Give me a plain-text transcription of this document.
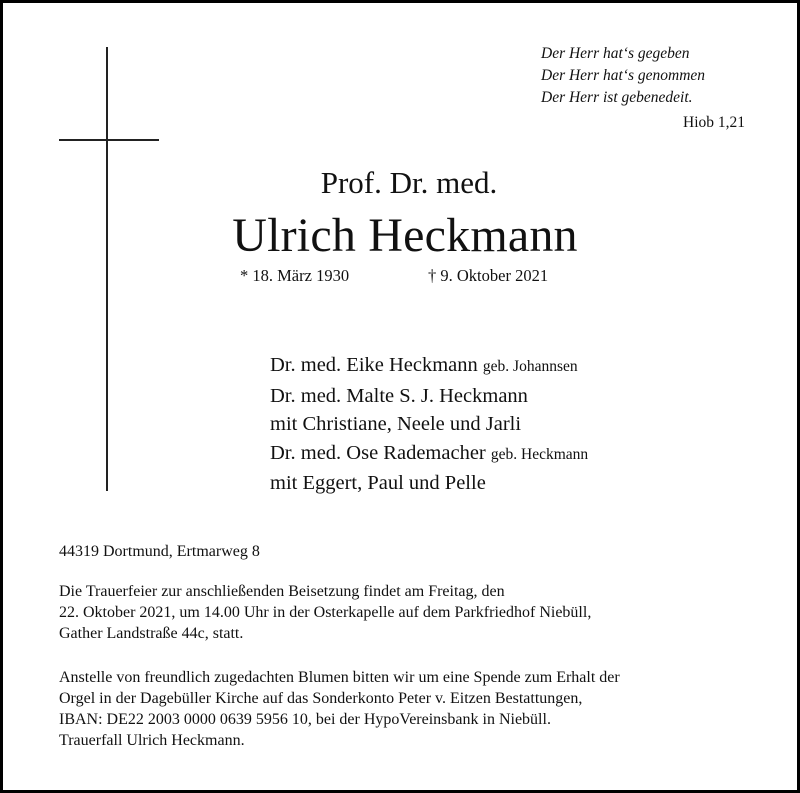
Der Herr hat‘s gegeben
Der Herr hat‘s genommen
Der Herr ist gebenedeit.
Hiob 1,21
Prof. Dr. med.
Ulrich Heckmann
* 18. März 1930	† 9. Oktober 2021
Dr. med. Eike Heckmann geb. Johannsen
Dr. med. Malte S. J. Heckmann
mit Christiane, Neele und Jarli
Dr. med. Ose Rademacher geb. Heckmann
mit Eggert, Paul und Pelle
44319 Dortmund, Ertmarweg 8
Die Trauerfeier zur anschließenden Beisetzung findet am Freitag, den
22. Oktober 2021, um 14.00 Uhr in der Osterkapelle auf dem Parkfriedhof Niebüll,
Gather Landstraße 44c, statt.
Anstelle von freundlich zugedachten Blumen bitten wir um eine Spende zum Erhalt der
Orgel in der Dagebüller Kirche auf das Sonderkonto Peter v. Eitzen Bestattungen,
IBAN: DE22 2003 0000 0639 5956 10, bei der HypoVereinsbank in Niebüll.
Trauerfall Ulrich Heckmann.
